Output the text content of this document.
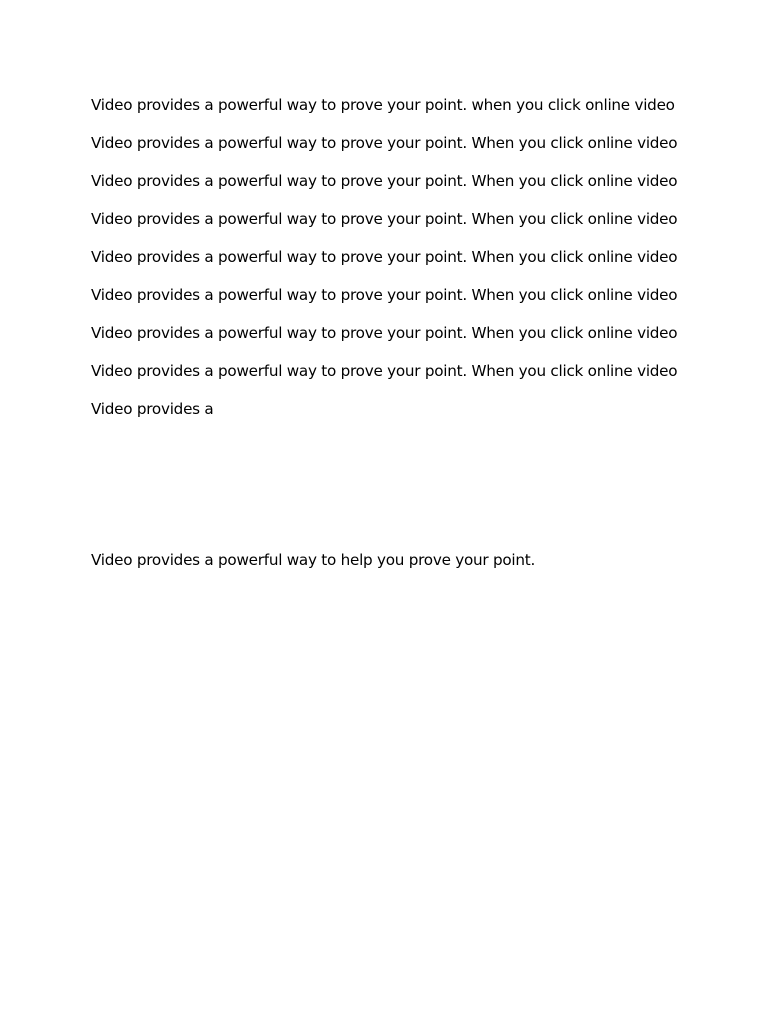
Video provides a powerful way to prove your point. when you click online video
Video provides a powerful way to prove your point. When you click online video
Video provides a powerful way to prove your point. When you click online video
Video provides a powerful way to prove your point. When you click online video
Video provides a powerful way to prove your point. When you click online video
Video provides a powerful way to prove your point. When you click online video
Video provides a powerful way to prove your point. When you click online video
Video provides a powerful way to prove your point. When you click online video
Video provides a
Video provides a powerful way to help you prove your point.
